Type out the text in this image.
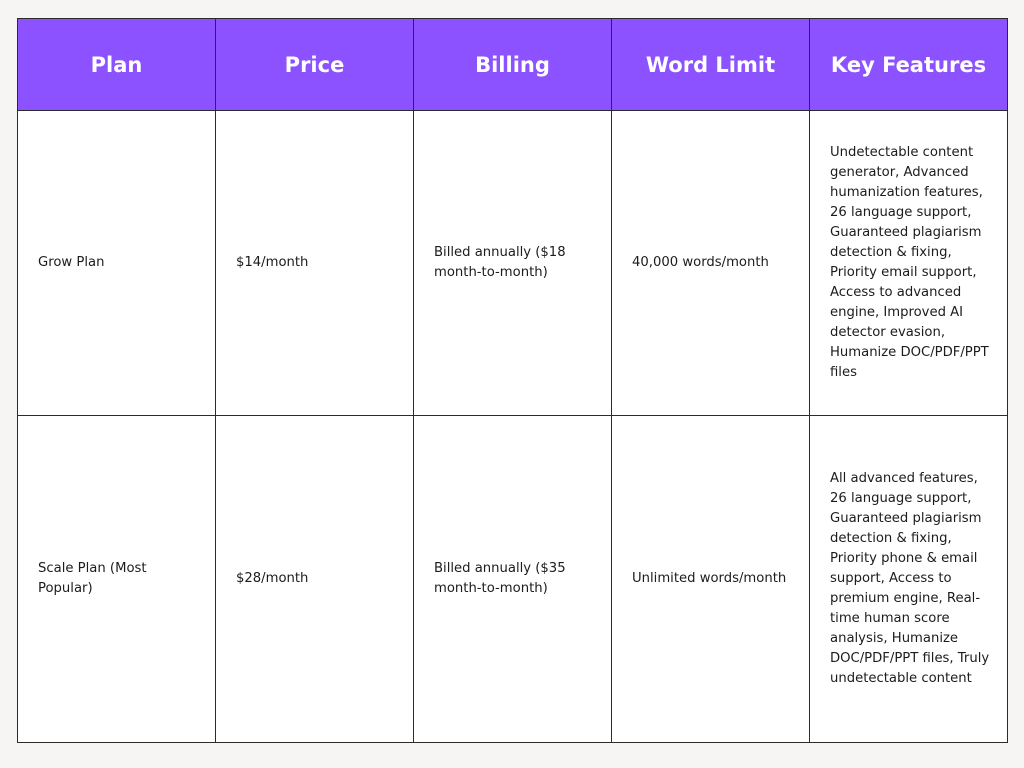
Plan	Price	Billing	Word Limit	Key Features
Grow Plan	$14/month	Billed annually ($18 month-to-month)	40,000 words/month	Undetectable content generator, Advanced humanization features, 26 language support, Guaranteed plagiarism detection & fixing, Priority email support, Access to advanced engine, Improved AI detector evasion, Humanize DOC/PDF/PPT files
Scale Plan (Most Popular)	$28/month	Billed annually ($35 month-to-month)	Unlimited words/month	All advanced features, 26 language support, Guaranteed plagiarism detection & fixing, Priority phone & email support, Access to premium engine, Real-time human score analysis, Humanize DOC/PDF/PPT files, Truly undetectable content
